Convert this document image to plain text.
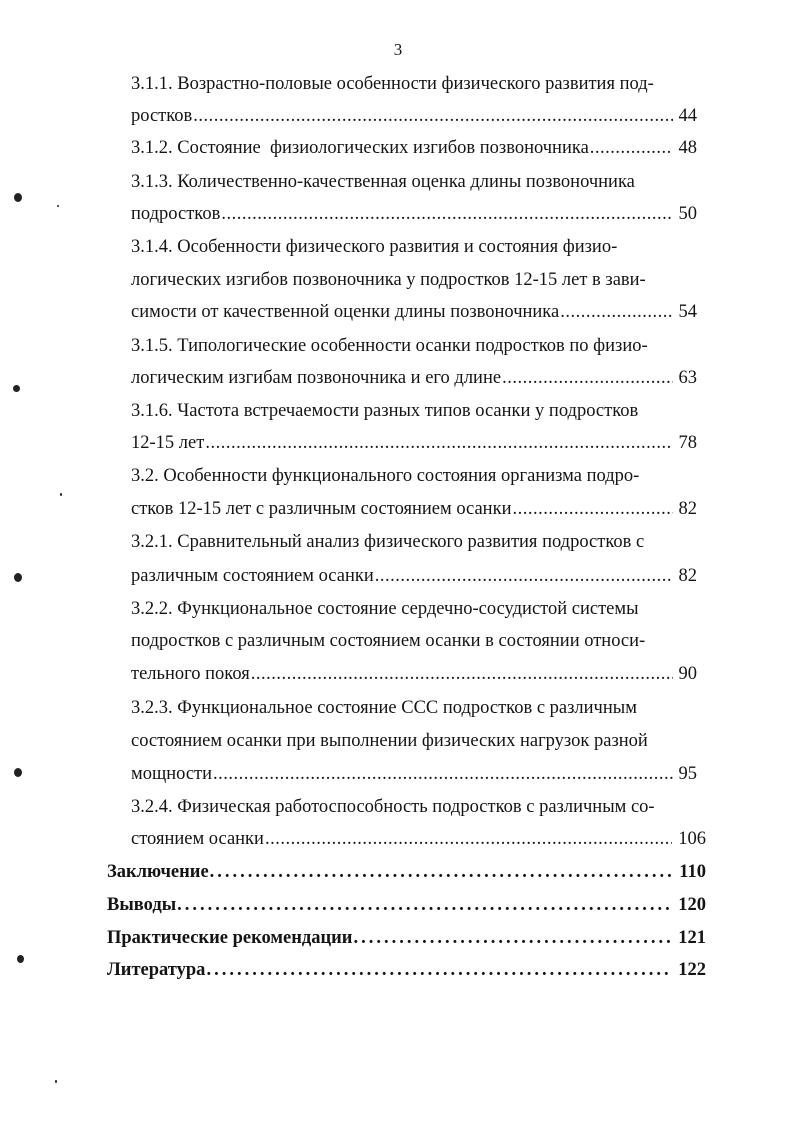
3
3.1.1. Возрастно-половые особенности физического развития под-
ростков .....	44
3.1.2. Состояние  физиологических изгибов позвоночника .....	48
3.1.3. Количественно-качественная оценка длины позвоночника
подростков .....	50
3.1.4. Особенности физического развития и состояния физио-
логических изгибов позвоночника у подростков 12-15 лет в зави-
симости от качественной оценки длины позвоночника .....	54
3.1.5. Типологические особенности осанки подростков по физио-
логическим изгибам позвоночника и его длине .....	63
3.1.6. Частота встречаемости разных типов осанки у подростков
12-15 лет .....	78
3.2. Особенности функционального состояния организма подро-
стков 12-15 лет с различным состоянием осанки .....	82
3.2.1. Сравнительный анализ физического развития подростков с
различным состоянием осанки .....	82
3.2.2. Функциональное состояние сердечно-сосудистой системы
подростков с различным состоянием осанки в состоянии относи-
тельного покоя .....	90
3.2.3. Функциональное состояние ССС подростков с различным
состоянием осанки при выполнении физических нагрузок разной
мощности .....	95
3.2.4. Физическая работоспособность подростков с различным со-
стоянием осанки .....	106
Заключение .....	110
Выводы .....	120
Практические рекомендации .....	121
Литература .....	122
